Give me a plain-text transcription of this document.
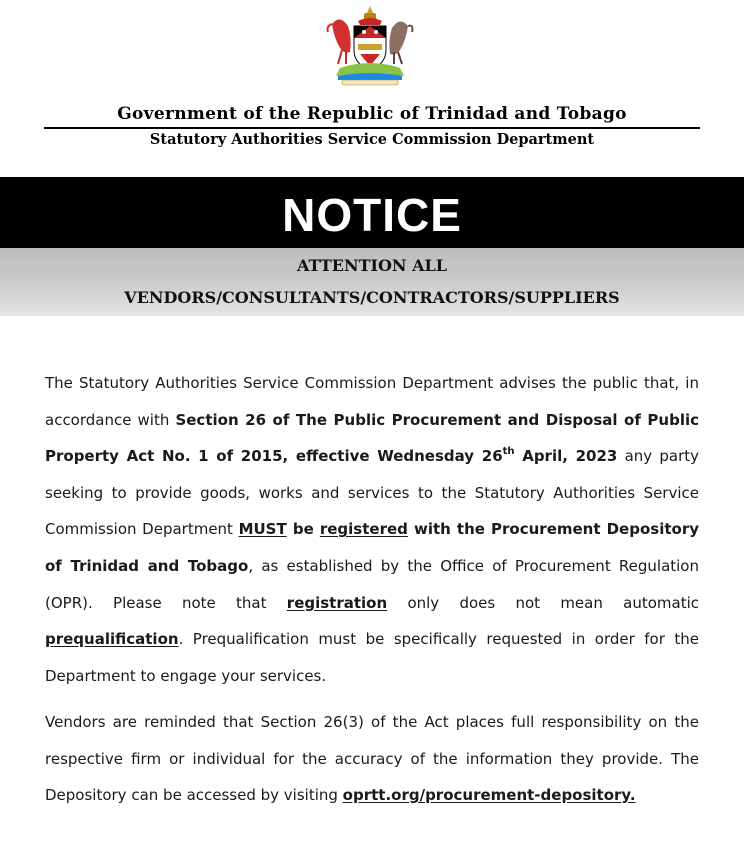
Government of the Republic of Trinidad and Tobago
Statutory Authorities Service Commission Department
NOTICE
ATTENTION ALL
VENDORS/CONSULTANTS/CONTRACTORS/SUPPLIERS
The Statutory Authorities Service Commission Department advises the public that, in accordance with Section 26 of The Public Procurement and Disposal of Public Property Act No. 1 of 2015, effective Wednesday 26th April, 2023 any party seeking to provide goods, works and services to the Statutory Authorities Service Commission Department MUST be registered with the Procurement Depository of Trinidad and Tobago, as established by the Office of Procurement Regulation (OPR). Please note that registration only does not mean automatic prequalification. Prequalification must be specifically requested in order for the Department to engage your services.
Vendors are reminded that Section 26(3) of the Act places full responsibility on the respective firm or individual for the accuracy of the information they provide. The Depository can be accessed by visiting oprtt.org/procurement-depository.
